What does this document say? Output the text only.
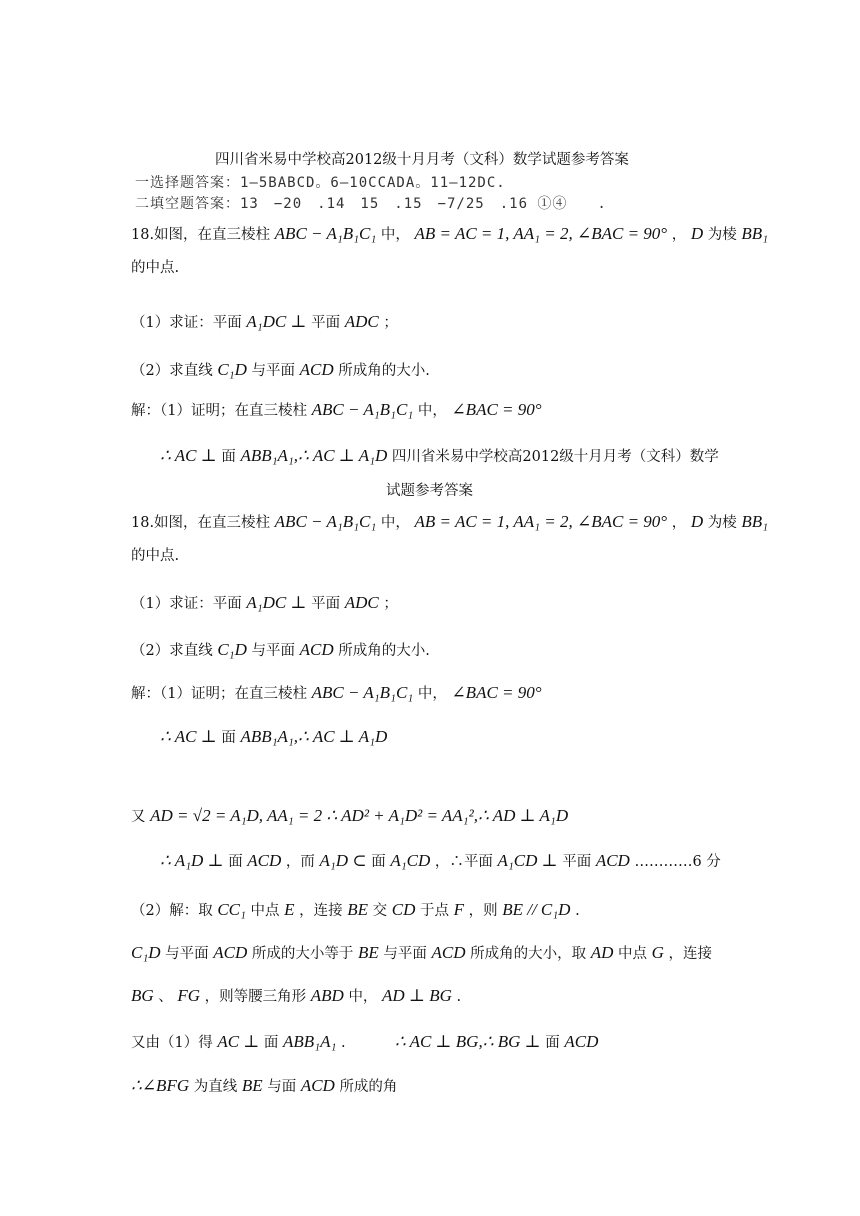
四川省米易中学校高2012级十月月考（文科）数学试题参考答案
一选择题答案：1—5BABCD。6—10CCADA。11—12DC.
二填空题答案：13　−20　.14　15　.15　−7/25　.16 ①④　　.
18.如图，在直三棱柱 ABC − A₁B₁C₁ 中， AB = AC = 1, AA₁ = 2, ∠BAC = 90° ， D 为棱 BB₁
的中点.
（1）求证：平面 A₁DC ⊥ 平面 ADC ；
（2）求直线 C₁D 与平面 ACD 所成角的大小.
解：（1）证明；在直三棱柱 ABC − A₁B₁C₁ 中， ∠BAC = 90°
∴ AC ⊥ 面 ABB₁A₁,∴ AC ⊥ A₁D 四川省米易中学校高2012级十月月考（文科）数学
试题参考答案
18.如图，在直三棱柱 ABC − A₁B₁C₁ 中， AB = AC = 1, AA₁ = 2, ∠BAC = 90° ， D 为棱 BB₁
的中点.
（1）求证：平面 A₁DC ⊥ 平面 ADC ；
（2）求直线 C₁D 与平面 ACD 所成角的大小.
解：（1）证明；在直三棱柱 ABC − A₁B₁C₁ 中， ∠BAC = 90°
∴ AC ⊥ 面 ABB₁A₁,∴ AC ⊥ A₁D
又 AD = √2 = A₁D, AA₁ = 2 ∴ AD² + A₁D² = AA₁²,∴ AD ⊥ A₁D
∴ A₁D ⊥ 面 ACD ，而 A₁D ⊂ 面 A₁CD ，∴平面 A₁CD ⊥ 平面 ACD …………6 分
（2）解：取 CC₁ 中点 E ，连接 BE 交 CD 于点 F ，则 BE // C₁D .
C₁D 与平面 ACD 所成的大小等于 BE 与平面 ACD 所成角的大小，取 AD 中点 G ，连接
BG 、 FG ，则等腰三角形 ABD 中， AD ⊥ BG .
又由（1）得 AC ⊥ 面 ABB₁A₁ .	∴ AC ⊥ BG,∴ BG ⊥ 面 ACD
∴∠BFG 为直线 BE 与面 ACD 所成的角
